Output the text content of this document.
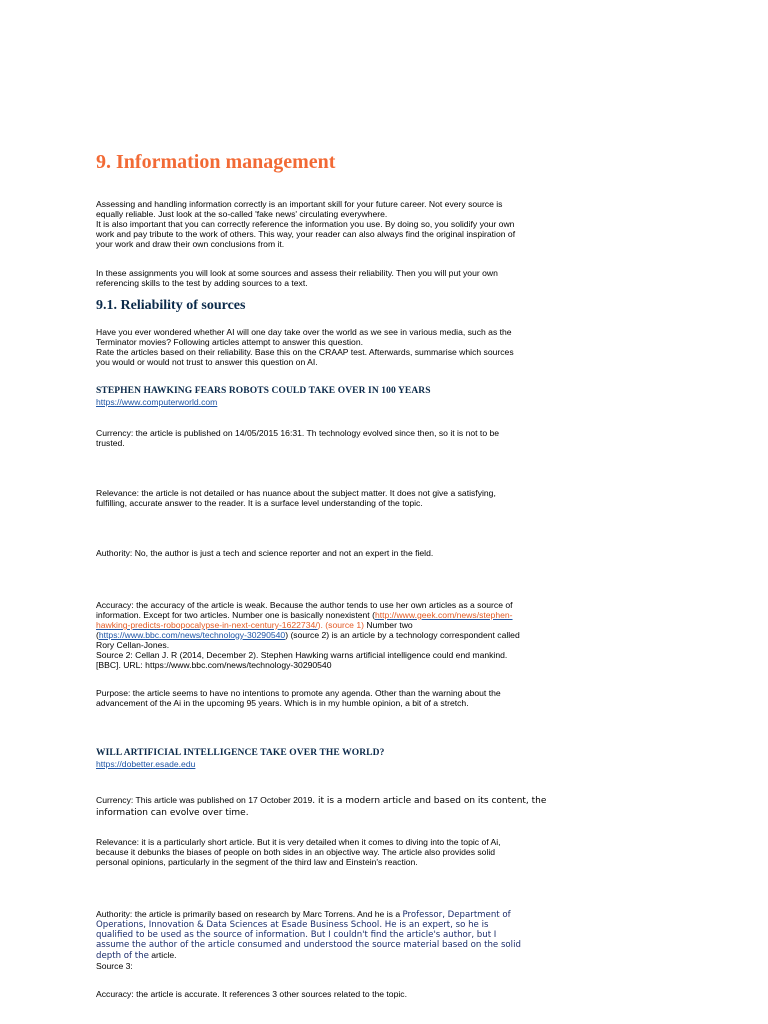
9. Information management
Assessing and handling information correctly is an important skill for your future career. Not every source is
equally reliable. Just look at the so-called 'fake news' circulating everywhere.
It is also important that you can correctly reference the information you use. By doing so, you solidify your own
work and pay tribute to the work of others. This way, your reader can also always find the original inspiration of
your work and draw their own conclusions from it.
In these assignments you will look at some sources and assess their reliability. Then you will put your own
referencing skills to the test by adding sources to a text.
9.1. Reliability of sources
Have you ever wondered whether AI will one day take over the world as we see in various media, such as the
Terminator movies? Following articles attempt to answer this question.
Rate the articles based on their reliability. Base this on the CRAAP test. Afterwards, summarise which sources
you would or would not trust to answer this question on AI.
STEPHEN HAWKING FEARS ROBOTS COULD TAKE OVER IN 100 YEARS
https://www.computerworld.com
Currency: the article is published on 14/05/2015 16:31. Th technology evolved since then, so it is not to be
trusted.
Relevance: the article is not detailed or has nuance about the subject matter. It does not give a satisfying,
fulfilling, accurate answer to the reader. It is a surface level understanding of the topic.
Authority: No, the author is just a tech and science reporter and not an expert in the field.
Accuracy: the accuracy of the article is weak. Because the author tends to use her own articles as a source of
information. Except for two articles. Number one is basically nonexistent (http://www.geek.com/news/stephen-
hawking-predicts-robopocalypse-in-next-century-1622734/). (source 1) Number two
(https://www.bbc.com/news/technology-30290540) (source 2) is an article by a technology correspondent called
Rory Cellan-Jones.
Source 2: Cellan J. R (2014, December 2). Stephen Hawking warns artificial intelligence could end mankind.
[BBC]. URL: https://www.bbc.com/news/technology-30290540
Purpose: the article seems to have no intentions to promote any agenda. Other than the warning about the
advancement of the Ai in the upcoming 95 years. Which is in my humble opinion, a bit of a stretch.
WILL ARTIFICIAL INTELLIGENCE TAKE OVER THE WORLD?
https://dobetter.esade.edu
Currency: This article was published on 17 October 2019. it is a modern article and based on its content, the
information can evolve over time.
Relevance: it is a particularly short article. But it is very detailed when it comes to diving into the topic of Ai,
because it debunks the biases of people on both sides in an objective way. The article also provides solid
personal opinions, particularly in the segment of the third law and Einstein's reaction.
Authority: the article is primarily based on research by Marc Torrens. And he is a Professor, Department of
Operations, Innovation & Data Sciences at Esade Business School. He is an expert, so he is
qualified to be used as the source of information. But I couldn't find the article's author, but I
assume the author of the article consumed and understood the source material based on the solid
depth of the article.
Source 3:
Accuracy: the article is accurate. It references 3 other sources related to the topic.
